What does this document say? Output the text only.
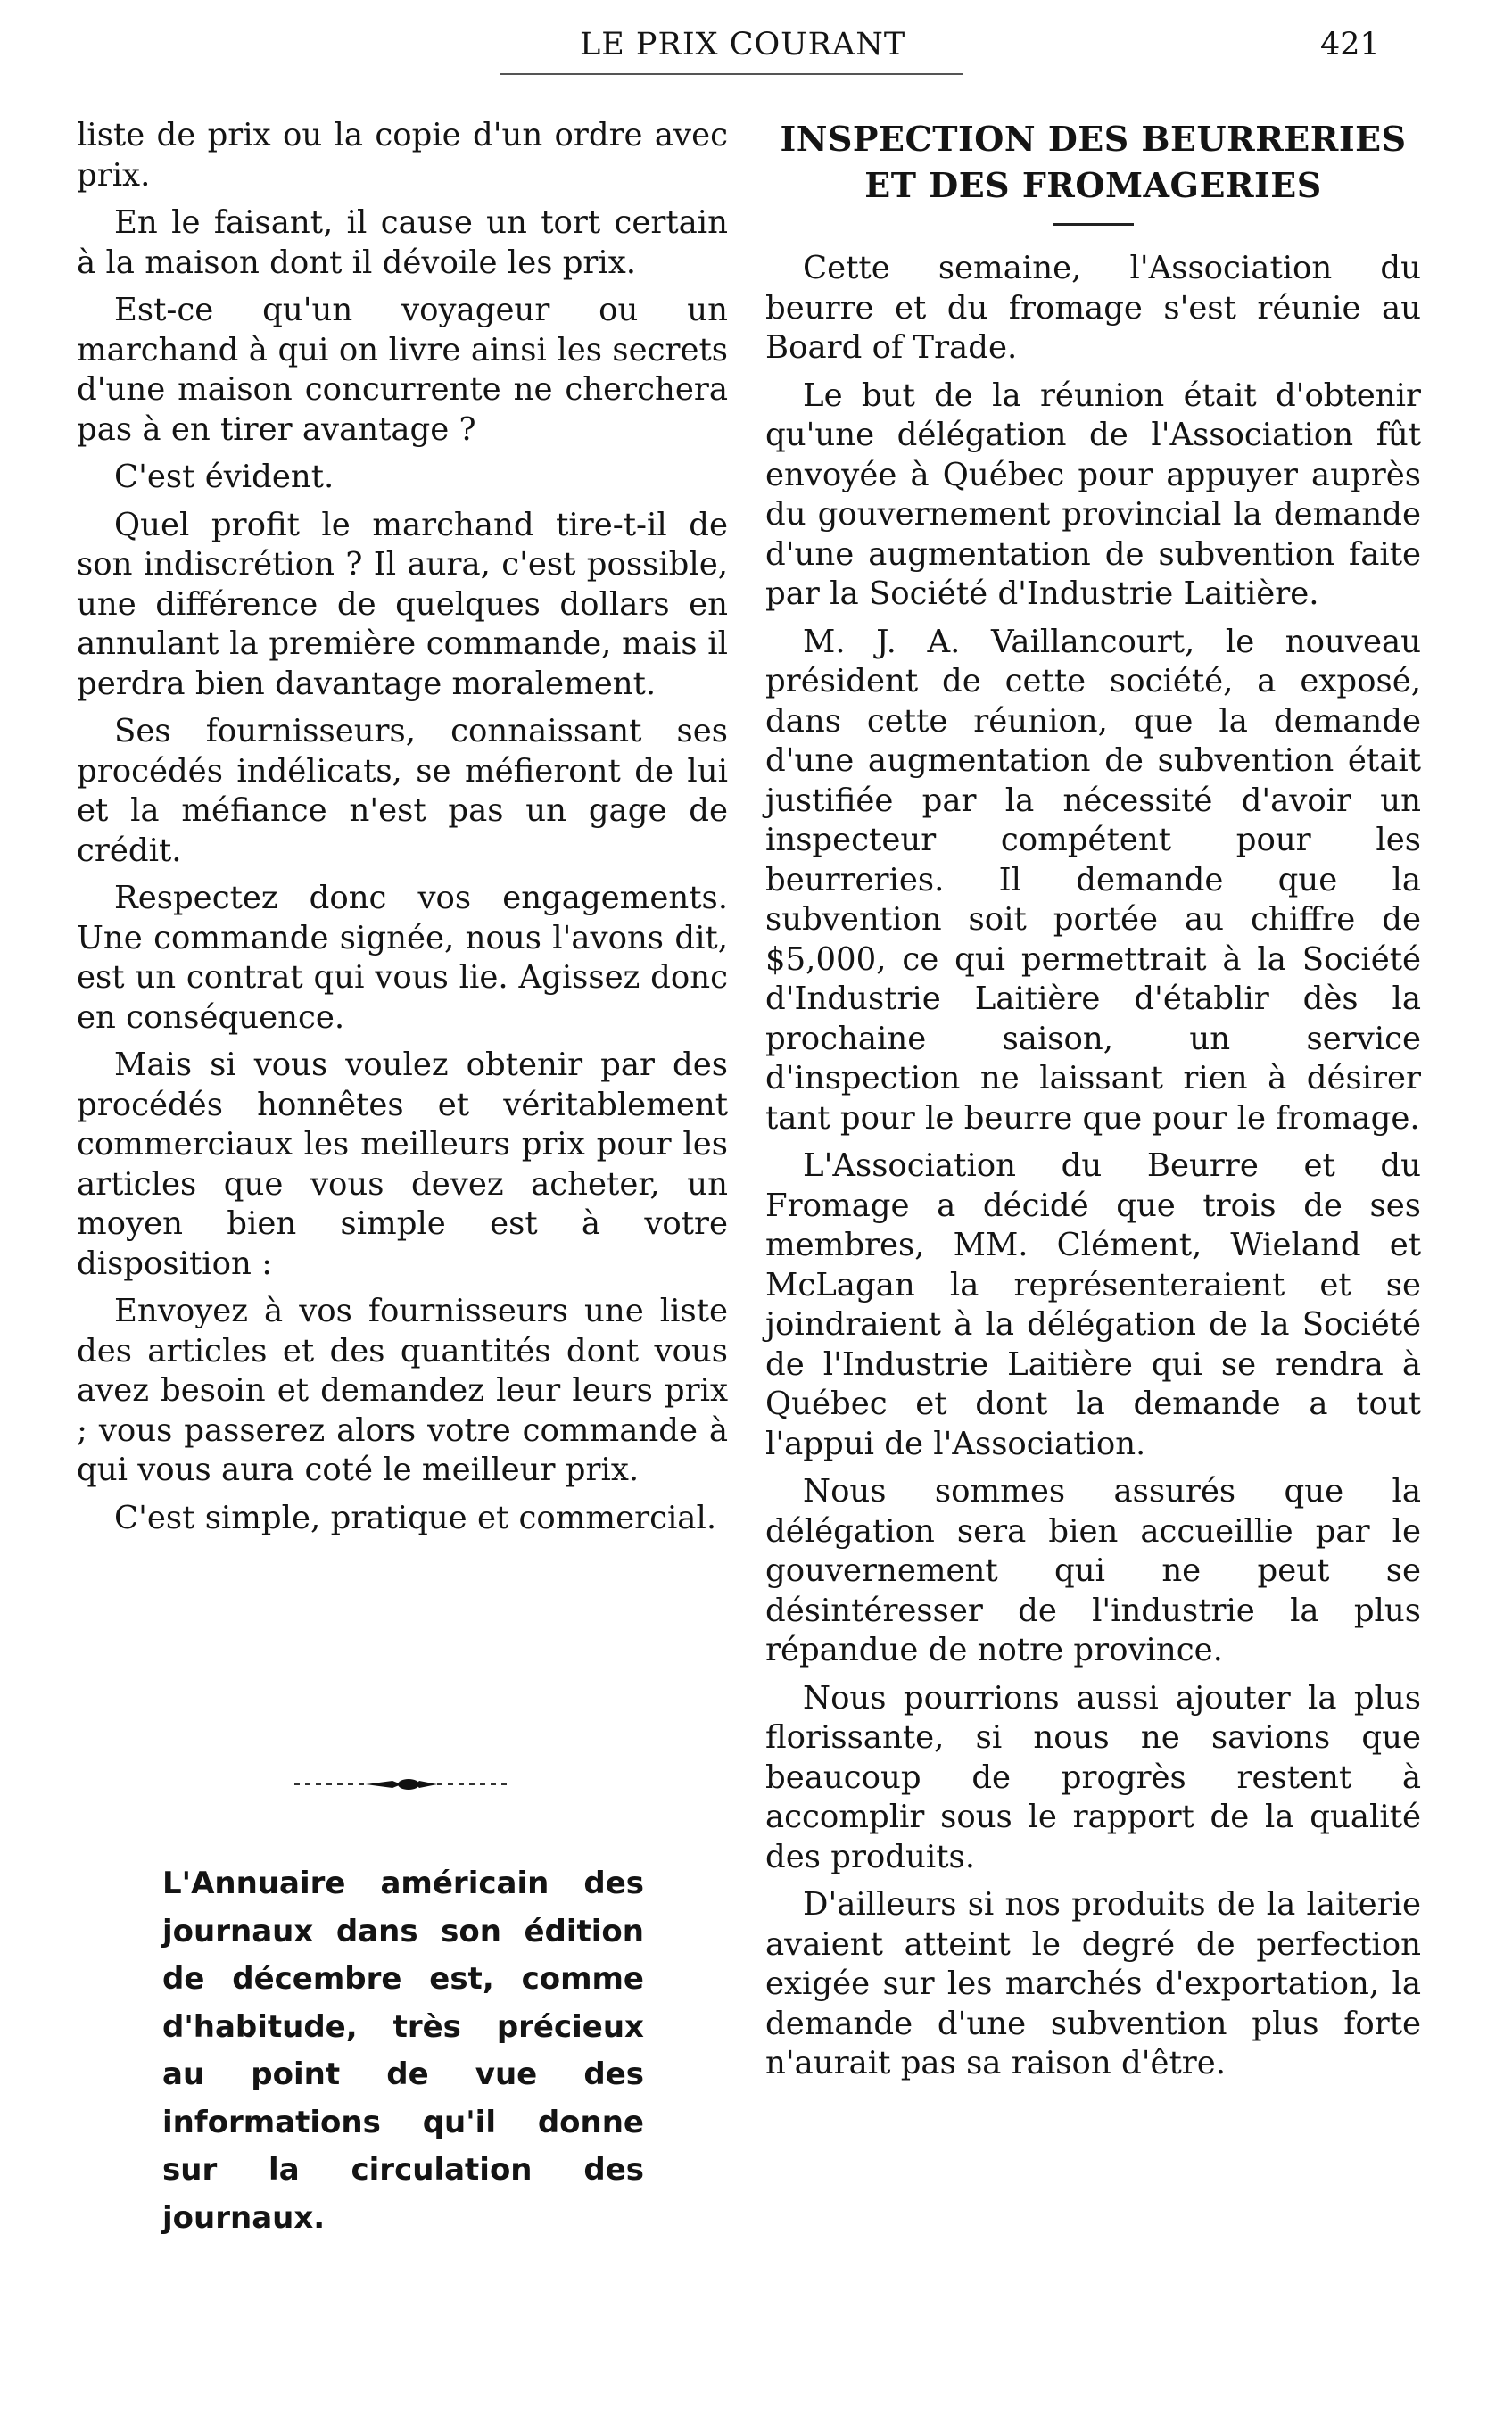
LE PRIX COURANT	421

liste de prix ou la copie d'un ordre avec prix.

En le faisant, il cause un tort certain à la maison dont il dévoile les prix.

Est-ce qu'un voyageur ou un marchand à qui on livre ainsi les secrets d'une maison concurrente ne cherchera pas à en tirer avantage ?

C'est évident.

Quel profit le marchand tire-t-il de son indiscrétion ? Il aura, c'est possible, une différence de quelques dollars en annulant la première commande, mais il perdra bien davantage moralement.

Ses fournisseurs, connaissant ses procédés indélicats, se méfieront de lui et la méfiance n'est pas un gage de crédit.

Respectez donc vos engagements. Une commande signée, nous l'avons dit, est un contrat qui vous lie. Agissez donc en conséquence.

Mais si vous voulez obtenir par des procédés honnêtes et véritablement commerciaux les meilleurs prix pour les articles que vous devez acheter, un moyen bien simple est à votre disposition :

Envoyez à vos fournisseurs une liste des articles et des quantités dont vous avez besoin et demandez leur leurs prix ; vous passerez alors votre commande à qui vous aura coté le meilleur prix.

C'est simple, pratique et commercial.

L'Annuaire américain des journaux dans son édition de décembre est, comme d'habitude, très précieux au point de vue des informations qu'il donne sur la circulation des journaux.

INSPECTION DES BEURRERIES
ET DES FROMAGERIES

Cette semaine, l'Association du beurre et du fromage s'est réunie au Board of Trade.

Le but de la réunion était d'obtenir qu'une délégation de l'Association fût envoyée à Québec pour appuyer auprès du gouvernement provincial la demande d'une augmentation de subvention faite par la Société d'Industrie Laitière.

M. J. A. Vaillancourt, le nouveau président de cette société, a exposé, dans cette réunion, que la demande d'une augmentation de subvention était justifiée par la nécessité d'avoir un inspecteur compétent pour les beurreries. Il demande que la subvention soit portée au chiffre de $5,000, ce qui permettrait à la Société d'Industrie Laitière d'établir dès la prochaine saison, un service d'inspection ne laissant rien à désirer tant pour le beurre que pour le fromage.

L'Association du Beurre et du Fromage a décidé que trois de ses membres, MM. Clément, Wieland et McLagan la représenteraient et se joindraient à la délégation de la Société de l'Industrie Laitière qui se rendra à Québec et dont la demande a tout l'appui de l'Association.

Nous sommes assurés que la délégation sera bien accueillie par le gouvernement qui ne peut se désintéresser de l'industrie la plus répandue de notre province.

Nous pourrions aussi ajouter la plus florissante, si nous ne savions que beaucoup de progrès restent à accomplir sous le rapport de la qualité des produits.

D'ailleurs si nos produits de la laiterie avaient atteint le degré de perfection exigée sur les marchés d'exportation, la demande d'une subvention plus forte n'aurait pas sa raison d'être.
